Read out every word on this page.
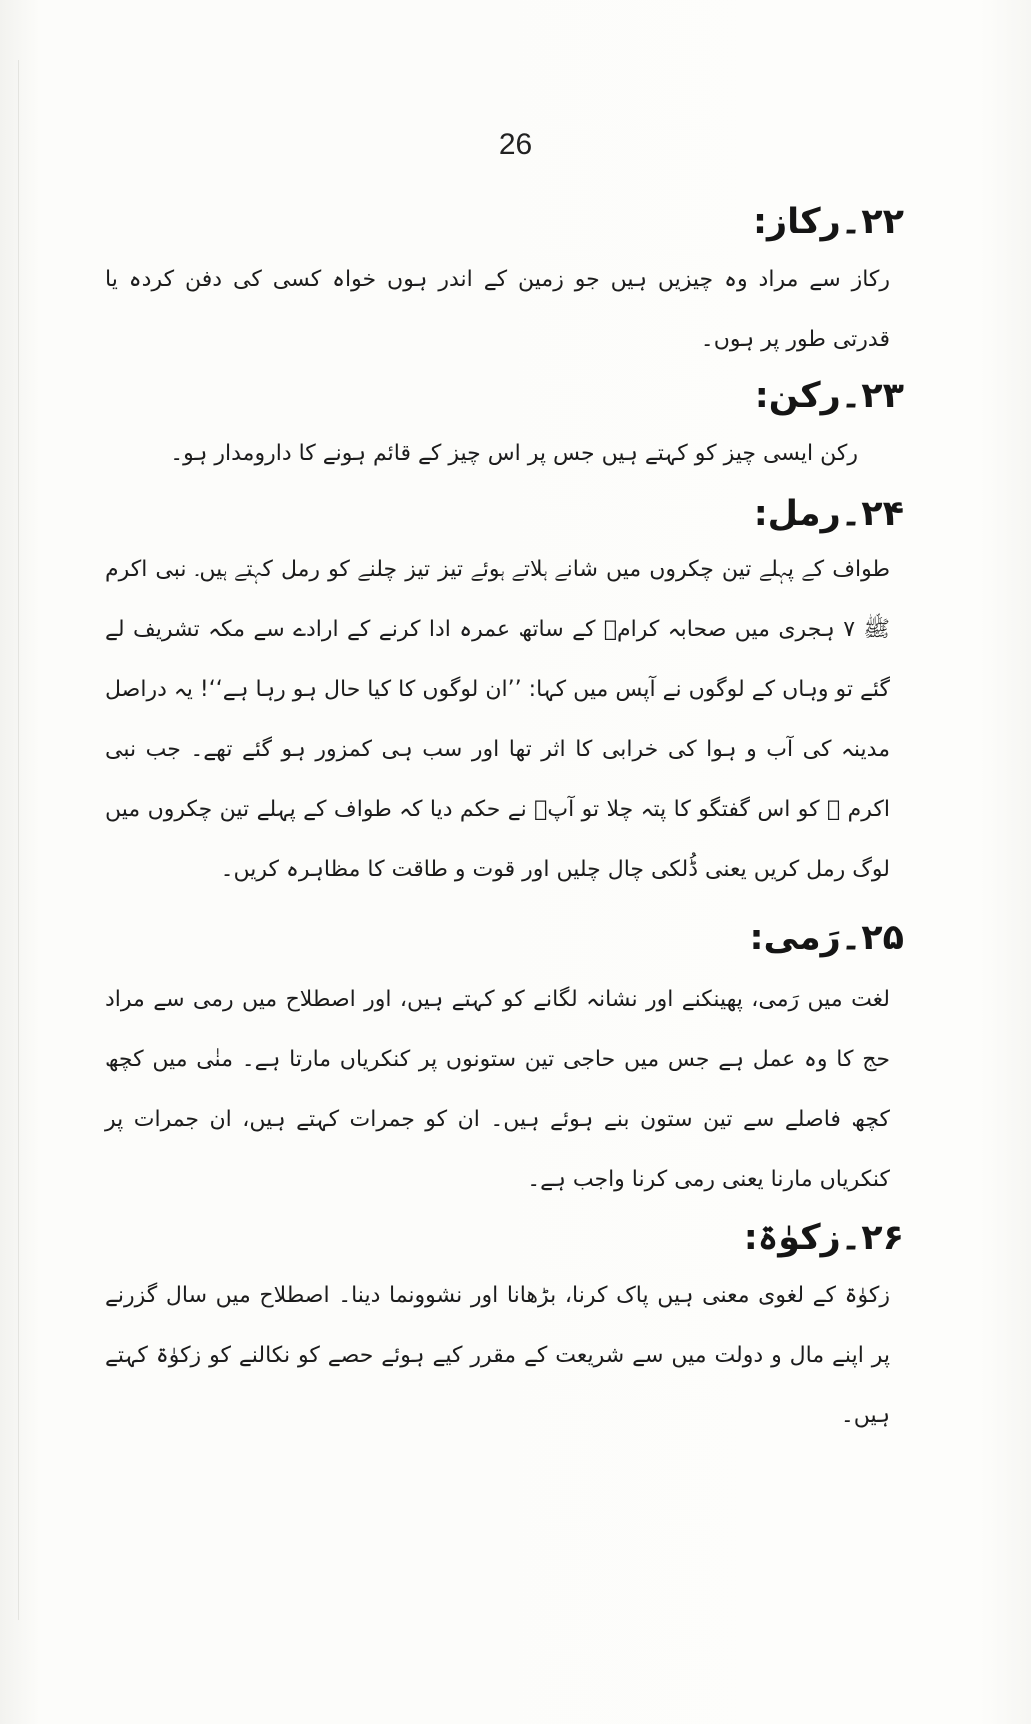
26
۲۲۔رکاز:

رکاز سے مراد وہ چیزیں ہیں جو زمین کے اندر ہوں خواہ کسی کی دفن کردہ یا قدرتی طور پر ہوں۔

۲۳۔رکن:

رکن ایسی چیز کو کہتے ہیں جس پر اس چیز کے قائم ہونے کا دارومدار ہو۔

۲۴۔رمل:

طواف کے پہلے تین چکروں میں شانے ہلاتے ہوئے تیز تیز چلنے کو رمل کہتے ہیں۔ نبی اکرم ﷺ ۷ ہجری میں صحابہ کرامؓ کے ساتھ عمرہ ادا کرنے کے ارادے سے مکہ تشریف لے گئے تو وہاں کے لوگوں نے آپس میں کہا: ’’ان لوگوں کا کیا حال ہو رہا ہے‘‘! یہ دراصل مدینہ کی آب و ہوا کی خرابی کا اثر تھا اور سب ہی کمزور ہو گئے تھے۔ جب نبی اکرم ﷺ کو اس گفتگو کا پتہ چلا تو آپؐ نے حکم دیا کہ طواف کے پہلے تین چکروں میں لوگ رمل کریں یعنی ڈُلکی چال چلیں اور قوت و طاقت کا مظاہرہ کریں۔

۲۵۔رَمی:

لغت میں رَمی، پھینکنے اور نشانہ لگانے کو کہتے ہیں، اور اصطلاح میں رمی سے مراد حج کا وہ عمل ہے جس میں حاجی تین ستونوں پر کنکریاں مارتا ہے۔ منٰی میں کچھ کچھ فاصلے سے تین ستون بنے ہوئے ہیں۔ ان کو جمرات کہتے ہیں، ان جمرات پر کنکریاں مارنا یعنی رمی کرنا واجب ہے۔

۲۶۔زکوٰۃ:

زکوٰۃ کے لغوی معنی ہیں پاک کرنا، بڑھانا اور نشوونما دینا۔ اصطلاح میں سال گزرنے پر اپنے مال و دولت میں سے شریعت کے مقرر کیے ہوئے حصے کو نکالنے کو زکوٰۃ کہتے ہیں۔
